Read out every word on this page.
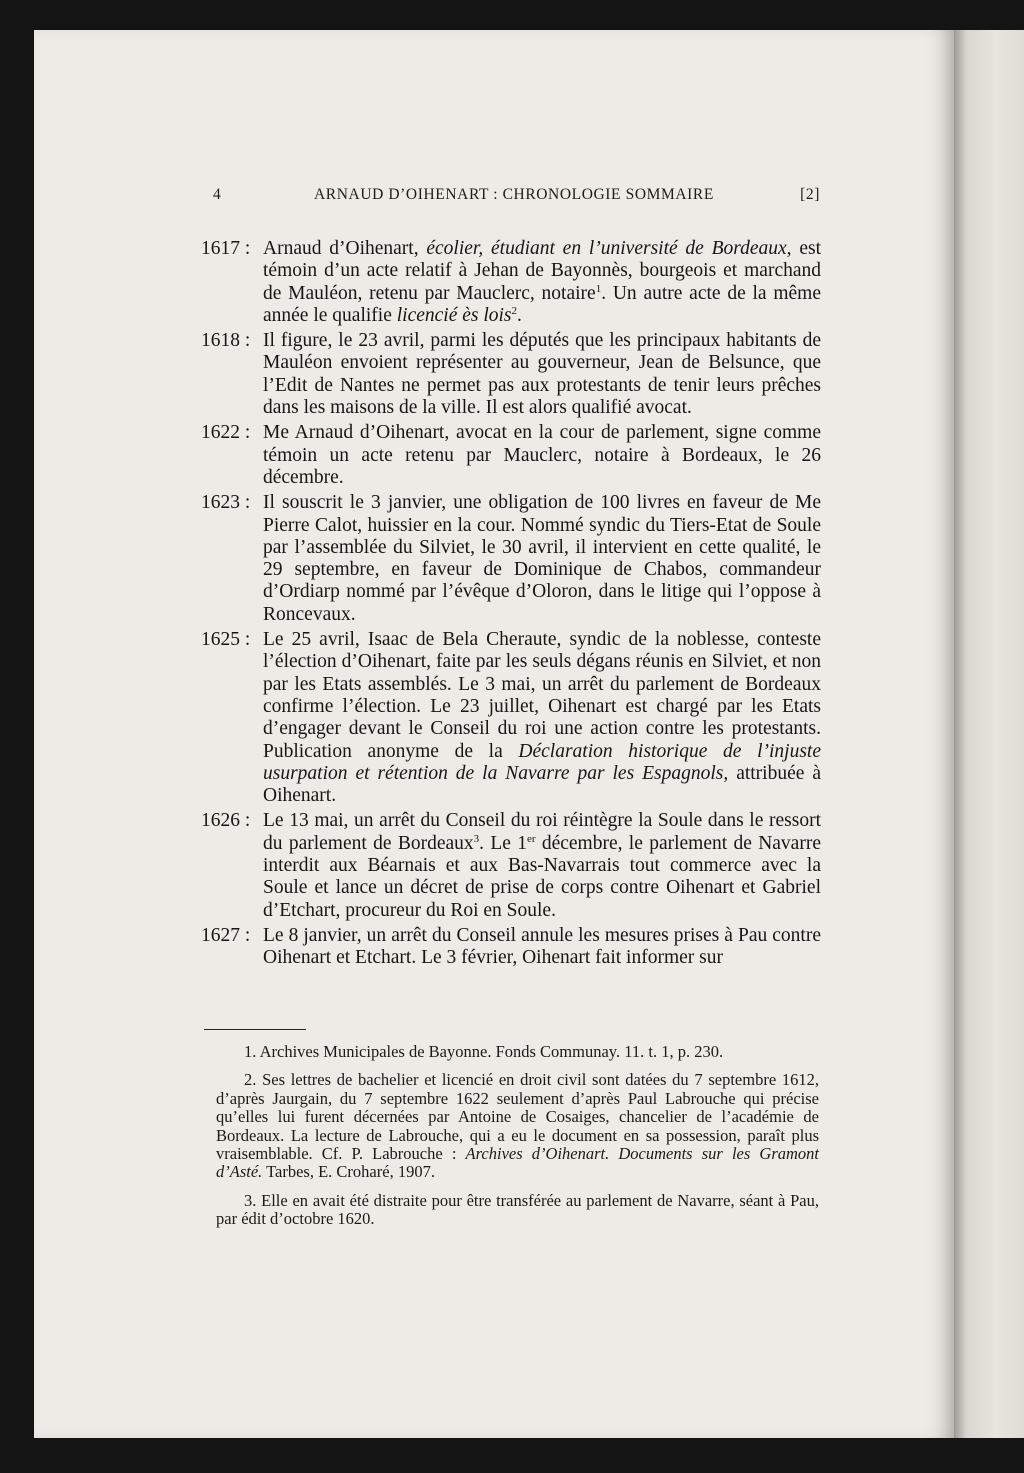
4	ARNAUD D’OIHENART : CHRONOLOGIE SOMMAIRE	[2]
1617 : Arnaud d’Oihenart, écolier, étudiant en l’université de Bordeaux, est témoin d’un acte relatif à Jehan de Bayonnès, bourgeois et marchand de Mauléon, retenu par Mauclerc, notaire$^1$. Un autre acte de la même année le qualifie licencié ès lois$^2$.
1618 : Il figure, le 23 avril, parmi les députés que les principaux habitants de Mauléon envoient représenter au gouverneur, Jean de Belsunce, que l’Edit de Nantes ne permet pas aux protestants de tenir leurs prêches dans les maisons de la ville. Il est alors qualifié avocat.
1622 : Me Arnaud d’Oihenart, avocat en la cour de parlement, signe comme témoin un acte retenu par Mauclerc, notaire à Bordeaux, le 26 décembre.
1623 : Il souscrit le 3 janvier, une obligation de 100 livres en faveur de Me Pierre Calot, huissier en la cour. Nommé syndic du Tiers-Etat de Soule par l’assemblée du Silviet, le 30 avril, il intervient en cette qualité, le 29 septembre, en faveur de Dominique de Chabos, commandeur d’Ordiarp nommé par l’évêque d’Oloron, dans le litige qui l’oppose à Roncevaux.
1625 : Le 25 avril, Isaac de Bela Cheraute, syndic de la noblesse, conteste l’élection d’Oihenart, faite par les seuls dégans réunis en Silviet, et non par les Etats assemblés. Le 3 mai, un arrêt du parlement de Bordeaux confirme l’élection. Le 23 juillet, Oihenart est chargé par les Etats d’engager devant le Conseil du roi une action contre les protestants. Publication anonyme de la Déclaration historique de l’injuste usurpation et rétention de la Navarre par les Espagnols, attribuée à Oihenart.
1626 : Le 13 mai, un arrêt du Conseil du roi réintègre la Soule dans le ressort du parlement de Bordeaux$^3$. Le 1er décembre, le parlement de Navarre interdit aux Béarnais et aux Bas-Navarrais tout commerce avec la Soule et lance un décret de prise de corps contre Oihenart et Gabriel d’Etchart, procureur du Roi en Soule.
1627 : Le 8 janvier, un arrêt du Conseil annule les mesures prises à Pau contre Oihenart et Etchart. Le 3 février, Oihenart fait informer sur
1. Archives Municipales de Bayonne. Fonds Communay. 11. t. 1, p. 230.
2. Ses lettres de bachelier et licencié en droit civil sont datées du 7 septembre 1612, d’après Jaurgain, du 7 septembre 1622 seulement d’après Paul Labrouche qui précise qu’elles lui furent décernées par Antoine de Cosaiges, chancelier de l’académie de Bordeaux. La lecture de Labrouche, qui a eu le document en sa possession, paraît plus vraisemblable. Cf. P. Labrouche : Archives d’Oihenart. Documents sur les Gramont d’Asté. Tarbes, E. Croharé, 1907.
3. Elle en avait été distraite pour être transférée au parlement de Navarre, séant à Pau, par édit d’octobre 1620.
